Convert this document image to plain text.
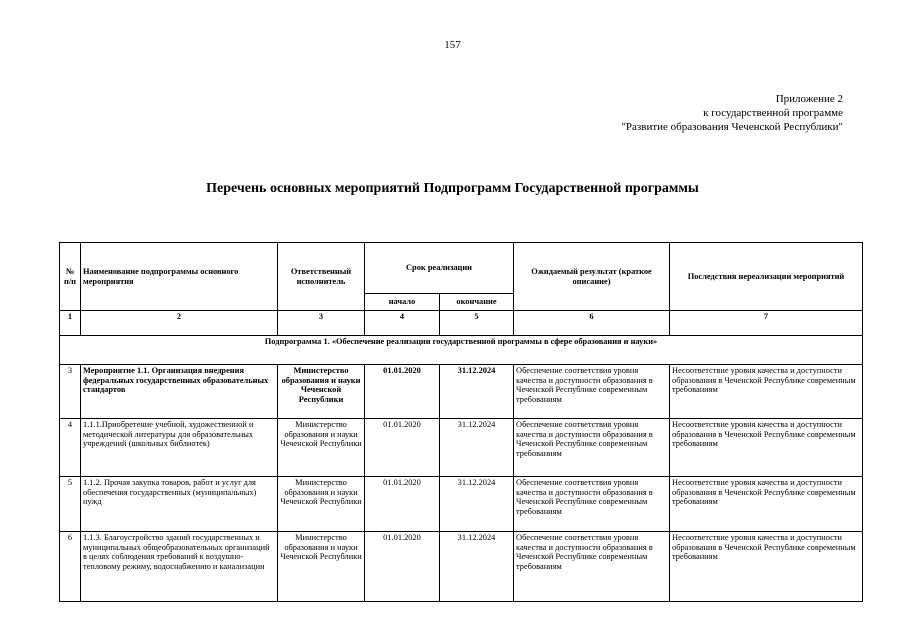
157
Приложение 2
к государственной программе
"Развитие образования Чеченской Республики"
Перечень основных мероприятий Подпрограмм Государственной программы
№ п/п	Наименование подпрограммы основного мероприятия	Ответственный исполнитель	Срок реализации		Ожидаемый результат (краткое описание)	Последствия нереализации мероприятий
			начало	окончание		
1	2	3	4	5	6	7
Подпрограмма 1. «Обеспечение реализации государственной программы в сфере образования и науки»						
3	Мероприятие 1.1. Организация внедрения федеральных государственных образовательных стандартов	Министерство образования и науки Чеченской Республики	01.01.2020	31.12.2024	Обеспечение соответствия уровня качества и доступности образования в Чеченской Республике современным требованиям	Несоответствие уровня качества и доступности образования в Чеченской Республике современным требованиям
4	1.1.1.Приобретение учебной, художественной и методической литературы для образовательных учреждений (школьных библиотек)	Министерство образования и науки Чеченской Республики	01.01.2020	31.12.2024	Обеспечение соответствия уровня качества и доступности образования в Чеченской Республике современным требованиям	Несоответствие уровня качества и доступности образования в Чеченской Республике современным требованиям
5	1.1.2. Прочая закупка товаров, работ и услуг для обеспечения государственных (муниципальных) нужд	Министерство образования и науки Чеченской Республики	01.01.2020	31.12.2024	Обеспечение соответствия уровня качества и доступности образования в Чеченской Республике современным требованиям	Несоответствие уровня качества и доступности образования в Чеченской Республике современным требованиям
6	1.1.3. Благоустройство зданий государственных и муниципальных общеобразовательных организаций в целях соблюдения требований к воздушно-тепловому режиму, водоснабжению и канализации	Министерство образования и науки Чеченской Республики	01.01.2020	31.12.2024	Обеспечение соответствия уровня качества и доступности образования в Чеченской Республике современным требованиям	Несоответствие уровня качества и доступности образования в Чеченской Республике современным требованиям
